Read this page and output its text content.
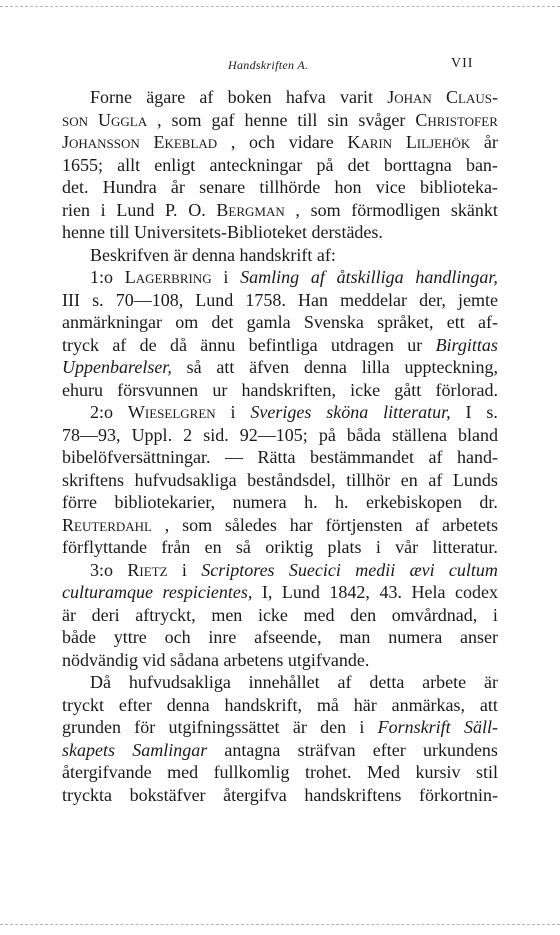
Handskriften A.	VII
Forne ägare af boken hafva varit Johan Claus-
son Uggla , som gaf henne till sin svåger Christofer
Johansson Ekeblad , och vidare Karin Liljehök år
1655; allt enligt anteckningar på det borttagna ban-
det. Hundra år senare tillhörde hon vice biblioteka-
rien i Lund P. O. Bergman , som förmodligen skänkt
henne till Universitets-Biblioteket derstädes.
Beskrifven är denna handskrift af:
1:o Lagerbring i Samling af åtskilliga handlingar,
III s. 70—108, Lund 1758. Han meddelar der, jemte
anmärkningar om det gamla Svenska språket, ett af-
tryck af de då ännu befintliga utdragen ur Birgittas
Uppenbarelser, så att äfven denna lilla uppteckning,
ehuru försvunnen ur handskriften, icke gått förlorad.
2:o Wieselgren i Sveriges sköna litteratur, I s.
78—93, Uppl. 2 sid. 92—105; på båda ställena bland
bibelöfversättningar. — Rätta bestämmandet af hand-
skriftens hufvudsakliga beståndsdel, tillhör en af Lunds
förre bibliotekarier, numera h. h. erkebiskopen dr.
Reuterdahl , som således har förtjensten af arbetets
förflyttande från en så oriktig plats i vår litteratur.
3:o Rietz i Scriptores Suecici medii ævi cultum
culturamque respicientes, I, Lund 1842, 43. Hela codex
är deri aftryckt, men icke med den omvårdnad, i
både yttre och inre afseende, man numera anser
nödvändig vid sådana arbetens utgifvande.
Då hufvudsakliga innehållet af detta arbete är
tryckt efter denna handskrift, må här anmärkas, att
grunden för utgifningssättet är den i Fornskrift Säll-
skapets Samlingar antagna sträfvan efter urkundens
återgifvande med fullkomlig trohet. Med kursiv stil
tryckta bokstäfver återgifva handskriftens förkortnin-
